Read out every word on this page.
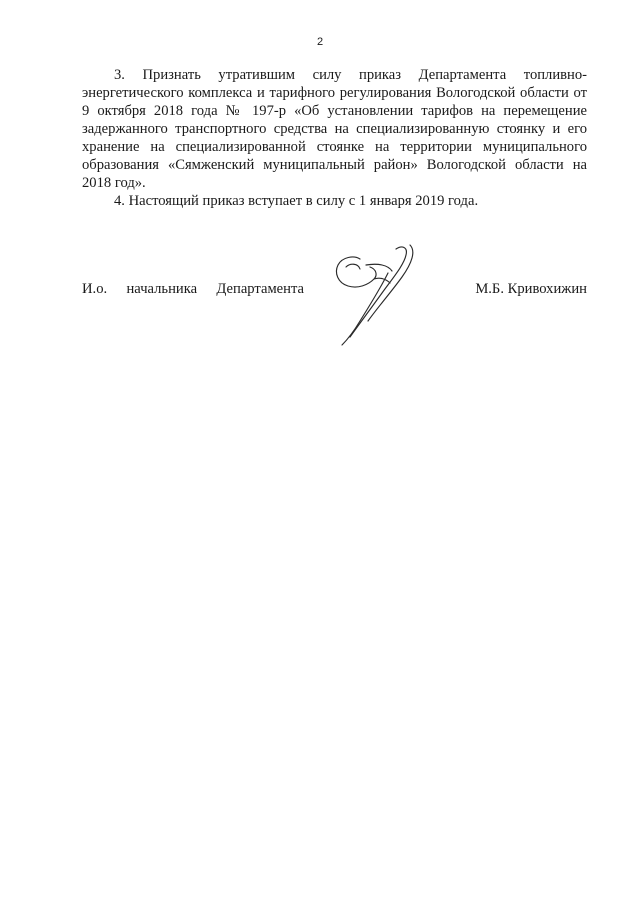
2

3. Признать утратившим силу приказ Департамента топливно-энергетического комплекса и тарифного регулирования Вологодской области от 9 октября 2018 года № 197-р «Об установлении тарифов на перемещение задержанного транспортного средства на специализированную стоянку и его хранение на специализированной стоянке на территории муниципального образования «Сямженский муниципальный район» Вологодской области на 2018 год».

4. Настоящий приказ вступает в силу с 1 января 2019 года.

И.о. начальника Департамента	М.Б. Кривохижин
